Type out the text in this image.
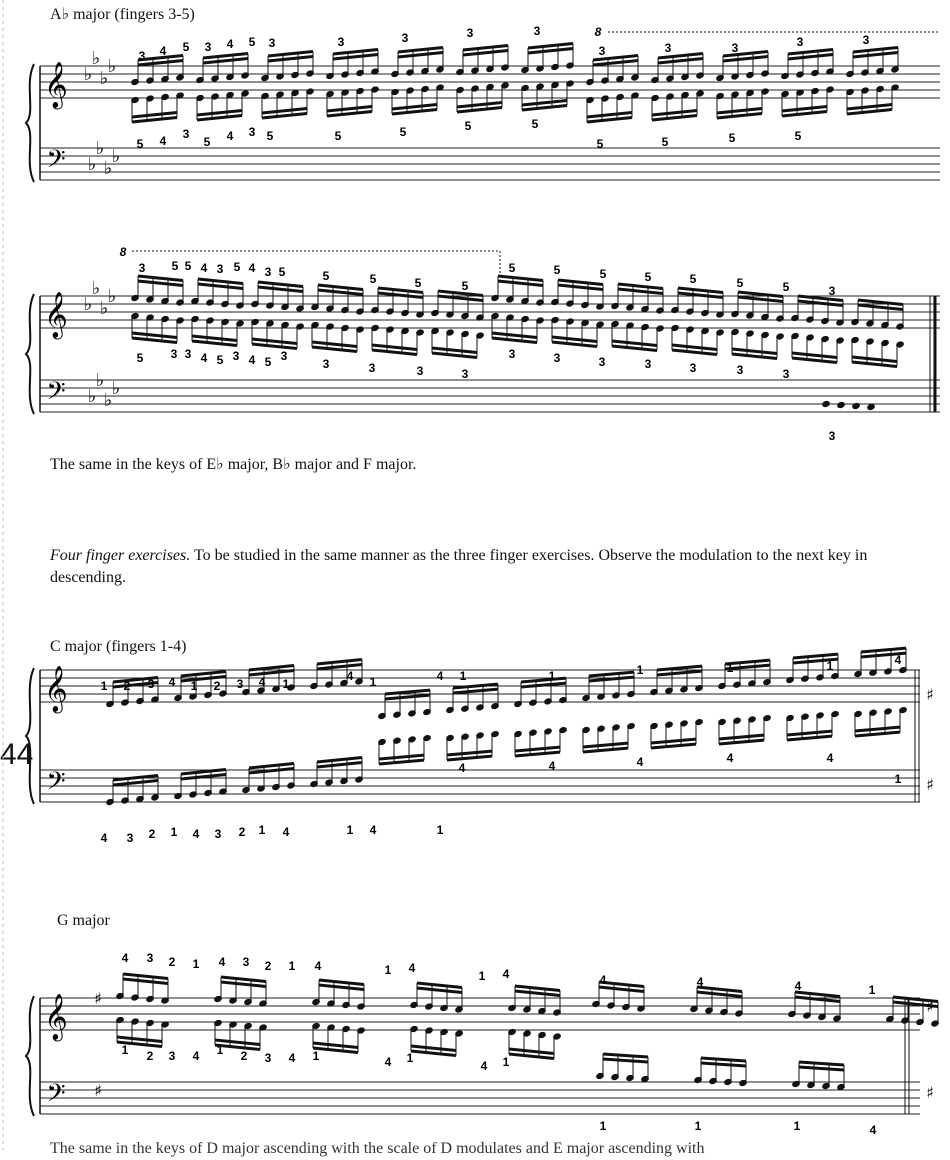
A♭ major (fingers 3-5)
The same in the keys of E♭ major, B♭ major and F major.
Four finger exercises. To be studied in the same manner as the three finger exercises. Observe the modulation to the next key in descending.
C major (fingers 1-4)
G major
44
The same in the keys of D major ascending with the scale of D modulates and E major ascending with
𝄞
𝄢
♭
♭
♭
♭
♭
♭
♭
♭
8
3 4 5 3 4 5 3	3	3	3	3
3	3	3	3	3
5 4 3
5 4 3 5	5	5	5	5
5	5	5	5
𝄞
𝄢
♭
♭
♭
♭
♭
♭
♭
♭
8
3 5 5 4 3 5 4 3 5	5	5	5	5
5	5	5	5	5	5	5	3
5 3 3 4 5 3 4 5 3
3	3	3	3
3	3	3	3	3	3	3
3
𝄞
𝄢
1 2 3 4 1 2 3 4 1
4 1	4 1	1	1	1	1	4
4	4	4	4	4
1
4 3 2 1 4 3 2 1 4	1 4	1
♯
♯
𝄞
𝄢
♯
♯
4 3 2 1 4 3 2 1 4	1 4
1 4	4	4	4	1
1 2 3 4 1 2 3 4 1	4 1
4 1
1	1	1	4
♯
♯
